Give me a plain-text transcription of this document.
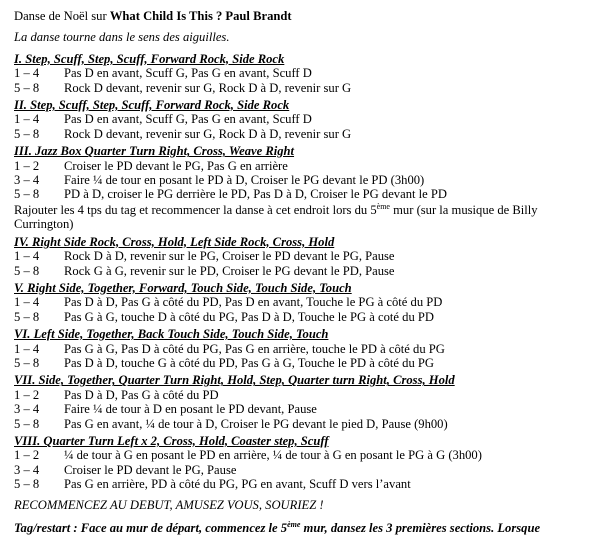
Danse de Noël sur What Child Is This ? Paul Brandt
La danse tourne dans le sens des aiguilles.
I. Step, Scuff, Step, Scuff, Forward Rock, Side Rock
1 – 4	Pas D en avant, Scuff G, Pas G en avant, Scuff D
5 – 8	Rock D devant, revenir sur G, Rock D à D, revenir sur G
II. Step, Scuff, Step, Scuff, Forward Rock, Side Rock
1 – 4	Pas D en avant, Scuff G, Pas G en avant, Scuff D
5 – 8	Rock D devant, revenir sur G, Rock D à D, revenir sur G
III. Jazz Box Quarter Turn Right, Cross, Weave Right
1 – 2	Croiser le PD devant le PG, Pas G en arrière
3 – 4	Faire ¼ de tour en posant le PD à D, Croiser le PG devant le PD (3h00)
5 – 8	PD à D, croiser le PG derrière le PD, Pas D à D, Croiser le PG devant le PD
Rajouter les 4 tps du tag et recommencer la danse à cet endroit lors du 5ème mur (sur la musique de Billy
Currington)
IV. Right Side Rock, Cross, Hold, Left Side Rock, Cross, Hold
1 – 4	Rock D à D, revenir sur le PG, Croiser le PD devant le PG, Pause
5 – 8	Rock G à G, revenir sur le PD, Croiser le PG devant le PD, Pause
V. Right Side, Together, Forward, Touch Side, Touch Side, Touch
1 – 4	Pas D à D, Pas G à côté du PD, Pas D en avant, Touche le PG à côté du PD
5 – 8	Pas G à G, touche D à côté du PG, Pas D à D, Touche le PG à coté du PD
VI. Left Side, Together, Back Touch Side, Touch Side, Touch
1 – 4	Pas G à G, Pas D à côté du PG, Pas G en arrière, touche le PD à côté du PG
5 – 8	Pas D à D, touche G à côté du PD, Pas G à G, Touche le PD à côté du PG
VII. Side, Together, Quarter Turn Right, Hold, Step, Quarter turn Right, Cross, Hold
1 – 2	Pas D à D, Pas G à côté du PD
3 – 4	Faire ¼ de tour à D en posant le PD devant, Pause
5 – 8	Pas G en avant, ¼ de tour à D, Croiser le PG devant le pied D, Pause (9h00)
VIII. Quarter Turn Left x 2, Cross, Hold, Coaster step, Scuff
1 – 2	¼ de tour à G en posant le PD en arrière, ¼ de tour à G en posant le PG à G (3h00)
3 – 4	Croiser le PD devant le PG, Pause
5 – 8	Pas G en arrière, PD à côté du PG, PG en avant, Scuff D vers l’avant
RECOMMENCEZ AU DEBUT, AMUSEZ VOUS, SOURIEZ !
Tag/restart : Face au mur de départ, commencez le 5ème mur, dansez les 3 premières sections. Lorsque
